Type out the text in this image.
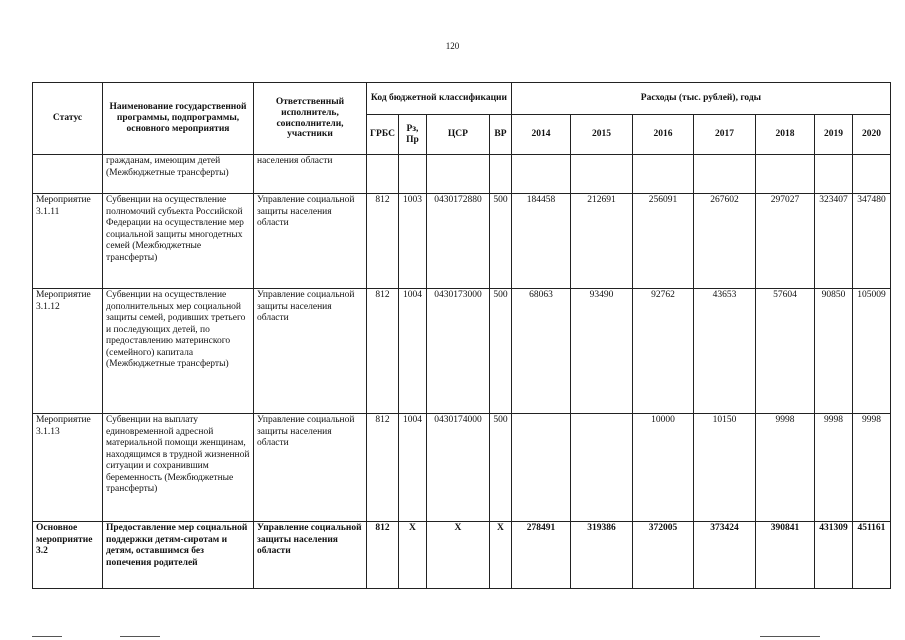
120
Статус	Наименование государственной программы, подпрограммы, основного мероприятия	Ответственный исполнитель, соисполнители, участники	Код бюджетной классификации				Расходы (тыс. рублей), годы						
			ГРБС	Рз, Пр	ЦСР	ВР	2014	2015	2016	2017	2018	2019	2020
	гражданам, имеющим детей (Межбюджетные трансферты)	населения области											
Мероприятие 3.1.11	Субвенции на осуществление полномочий субъекта Российской Федерации на осуществление мер социальной защиты многодетных семей (Межбюджетные трансферты)	Управление социальной защиты населения области	812	1003	0430172880	500	184458	212691	256091	267602	297027	323407	347480
Мероприятие 3.1.12	Субвенции на осуществление дополнительных мер социальной защиты семей, родивших третьего и последующих детей, по предоставлению материнского (семейного) капитала (Межбюджетные трансферты)	Управление социальной защиты населения области	812	1004	0430173000	500	68063	93490	92762	43653	57604	90850	105009
Мероприятие 3.1.13	Субвенции на выплату единовременной адресной материальной помощи женщинам, находящимся в трудной жизненной ситуации и сохранившим беременность (Межбюджетные трансферты)	Управление социальной защиты населения области	812	1004	0430174000	500			10000	10150	9998	9998	9998
Основное мероприятие 3.2	Предоставление мер социальной поддержки детям-сиротам и детям, оставшимся без попечения родителей	Управление социальной защиты населения области	812	Х	Х	Х	278491	319386	372005	373424	390841	431309	451161
